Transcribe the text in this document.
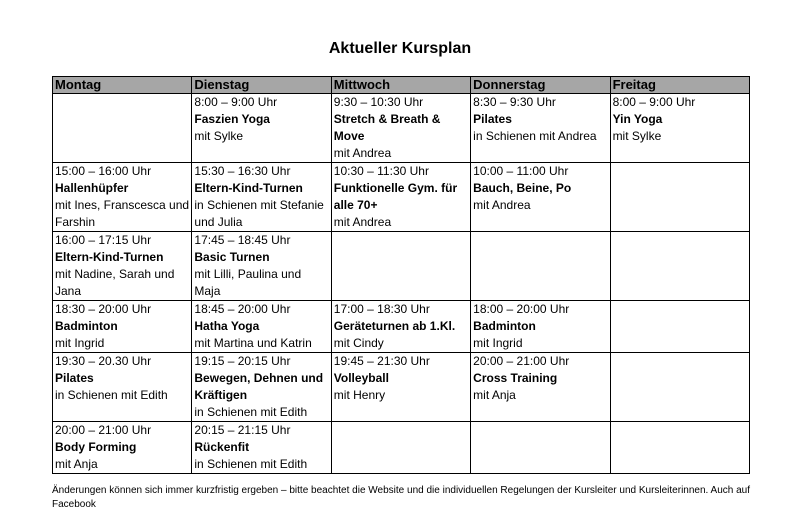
Aktueller Kursplan
Montag	Dienstag	Mittwoch	Donnerstag	Freitag

	8:00 – 9:00 Uhr
Faszien Yoga
mit Sylke	9:30 – 10:30 Uhr
Stretch & Breath & Move
mit Andrea	8:30 – 9:30 Uhr
Pilates
in Schienen mit Andrea	8:00 – 9:00 Uhr
Yin Yoga
mit Sylke

15:00 – 16:00 Uhr
Hallenhüpfer
mit Ines, Franscesca und Farshin	15:30 – 16:30 Uhr
Eltern-Kind-Turnen
in Schienen mit Stefanie und Julia	10:30 – 11:30 Uhr
Funktionelle Gym. für alle 70+
mit Andrea	10:00 – 11:00 Uhr
Bauch, Beine, Po
mit Andrea	

16:00 – 17:15 Uhr
Eltern-Kind-Turnen
mit Nadine, Sarah und Jana	17:45 – 18:45 Uhr
Basic Turnen
mit Lilli, Paulina und Maja			

18:30 – 20:00 Uhr
Badminton
mit Ingrid	18:45 – 20:00 Uhr
Hatha Yoga
mit Martina und Katrin	17:00 – 18:30 Uhr
Geräteturnen ab 1.Kl.
mit Cindy	18:00 – 20:00 Uhr
Badminton
mit Ingrid	

19:30 – 20.30 Uhr
Pilates
in Schienen mit Edith	19:15 – 20:15 Uhr
Bewegen, Dehnen und Kräftigen
in Schienen mit Edith	19:45 – 21:30 Uhr
Volleyball
mit Henry	20:00 – 21:00 Uhr
Cross Training
mit Anja	

20:00 – 21:00 Uhr
Body Forming
mit Anja	20:15 – 21:15 Uhr
Rückenfit
in Schienen mit Edith			

Änderungen können sich immer kurzfristig ergeben – bitte beachtet die Website und die individuellen Regelungen der Kursleiter und Kursleiterinnen. Auch auf Facebook
